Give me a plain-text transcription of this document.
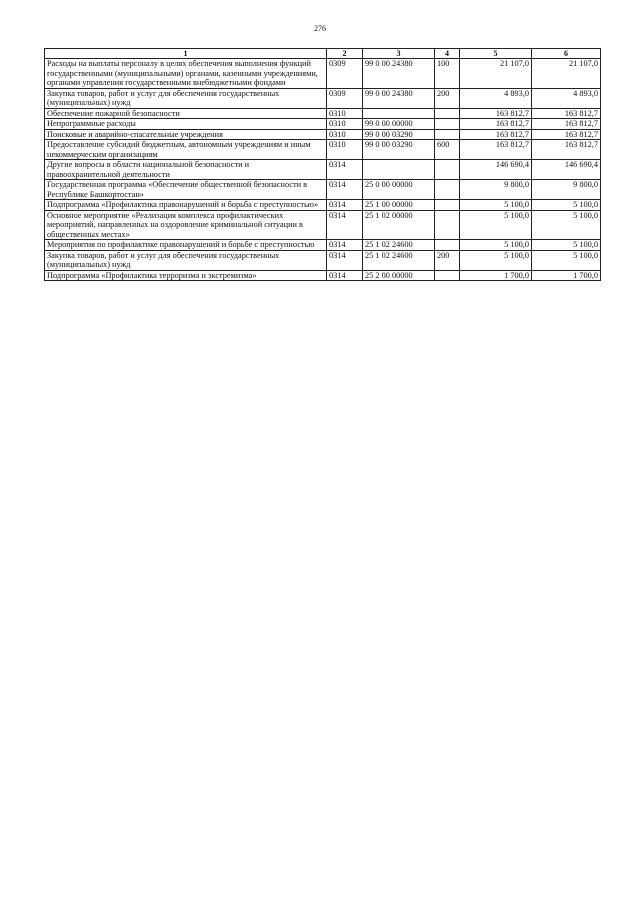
276
1	2	3	4	5	6
Расходы на выплаты персоналу в целях обеспечения выполнения функций государственными (муниципальными) органами, казенными учреждениями, органами управления государственными внебюджетными фондами	0309	99 0 00 24380	100	21 107,0	21 107,0
Закупка товаров, работ и услуг для обеспечения государственных (муниципальных) нужд	0309	99 0 00 24380	200	4 893,0	4 893,0
Обеспечение пожарной безопасности	0310			163 812,7	163 812,7
Непрограммные расходы	0310	99 0 00 00000		163 812,7	163 812,7
Поисковые и аварийно-спасательные учреждения	0310	99 0 00 03290		163 812,7	163 812,7
Предоставление субсидий бюджетным, автономным учреждениям и иным некоммерческим организациям	0310	99 0 00 03290	600	163 812,7	163 812,7
Другие вопросы в области национальной безопасности и правоохранительной деятельности	0314			146 690,4	146 690,4
Государственная программа «Обеспечение общественной безопасности в Республике Башкортостан»	0314	25 0 00 00000		9 800,0	9 800,0
Подпрограмма «Профилактика правонарушений и борьба с преступностью»	0314	25 1 00 00000		5 100,0	5 100,0
Основное мероприятие «Реализация комплекса профилактических мероприятий, направленных на оздоровление криминальной ситуации в общественных местах»	0314	25 1 02 00000		5 100,0	5 100,0
Мероприятия по профилактике правонарушений и борьбе с преступностью	0314	25 1 02 24600		5 100,0	5 100,0
Закупка товаров, работ и услуг для обеспечения государственных (муниципальных) нужд	0314	25 1 02 24600	200	5 100,0	5 100,0
Подпрограмма «Профилактика терроризма и экстремизма»	0314	25 2 00 00000		1 700,0	1 700,0
